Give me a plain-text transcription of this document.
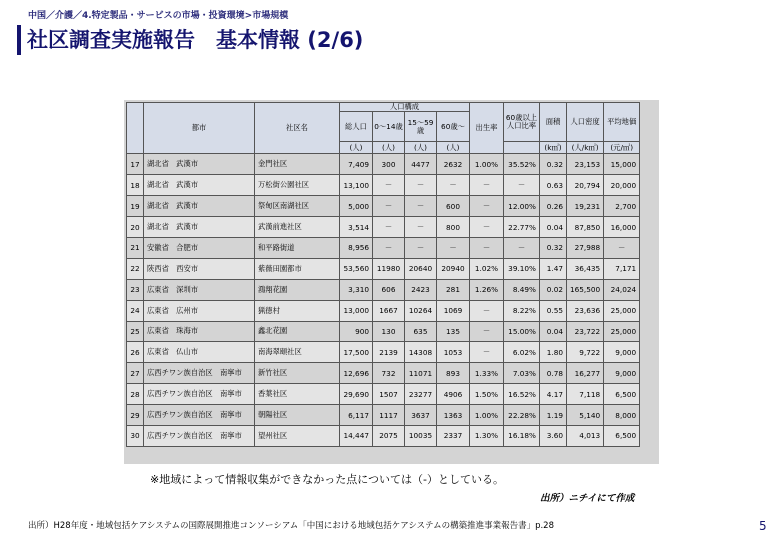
中国／介護／4.特定製品・サービスの市場・投資環境>市場規模
社区調査実施報告　基本情報 (2/6)
	都市	社区名	人口構成				出生率	60歳以上人口比率	面積	人口密度	平均地価
			総人口	0～14歳	15～59歳	60歳～					
			(人)	(人)	(人)	(人)			(k㎡)	(人/k㎡)	(元/㎡)
17	湖北省　武漢市	金門社区	7,409	300	4477	2632	1.00%	35.52%	0.32	23,153	15,000
18	湖北省　武漢市	万松街公園社区	13,100	－	－	－	－	－	0.63	20,794	20,000
19	湖北省　武漢市	祭甸区南湖社区	5,000	－	－	600	－	12.00%	0.26	19,231	2,700
20	湖北省　武漢市	武漢前進社区	3,514	－	－	800	－	22.77%	0.04	87,850	16,000
21	安徽省　合肥市	和平路街道	8,956	－	－	－	－	－	0.32	27,988	－
22	陝西省　西安市	紫薇田園都市	53,560	11980	20640	20940	1.02%	39.10%	1.47	36,435	7,171
23	広東省　深圳市	鴻翔花園	3,310	606	2423	281	1.26%	8.49%	0.02	165,500	24,024
24	広東省　広州市	猟徳村	13,000	1667	10264	1069	－	8.22%	0.55	23,636	25,000
25	広東省　珠海市	鑫北花園	900	130	635	135	－	15.00%	0.04	23,722	25,000
26	広東省　仏山市	南海翠頤社区	17,500	2139	14308	1053	－	6.02%	1.80	9,722	9,000
27	広西チワン族自治区　南寧市	新竹社区	12,696	732	11071	893	1.33%	7.03%	0.78	16,277	9,000
28	広西チワン族自治区　南寧市	香葉社区	29,690	1507	23277	4906	1.50%	16.52%	4.17	7,118	6,500
29	広西チワン族自治区　南寧市	朝陽社区	6,117	1117	3637	1363	1.00%	22.28%	1.19	5,140	8,000
30	広西チワン族自治区　南寧市	望州社区	14,447	2075	10035	2337	1.30%	16.18%	3.60	4,013	6,500
※地域によって情報収集ができなかった点については（-）としている。
出所）ニチイにて作成
出所）H28年度・地域包括ケアシステムの国際展開推進コンソーシアム「中国における地域包括ケアシステムの構築推進事業報告書」p.28	5
